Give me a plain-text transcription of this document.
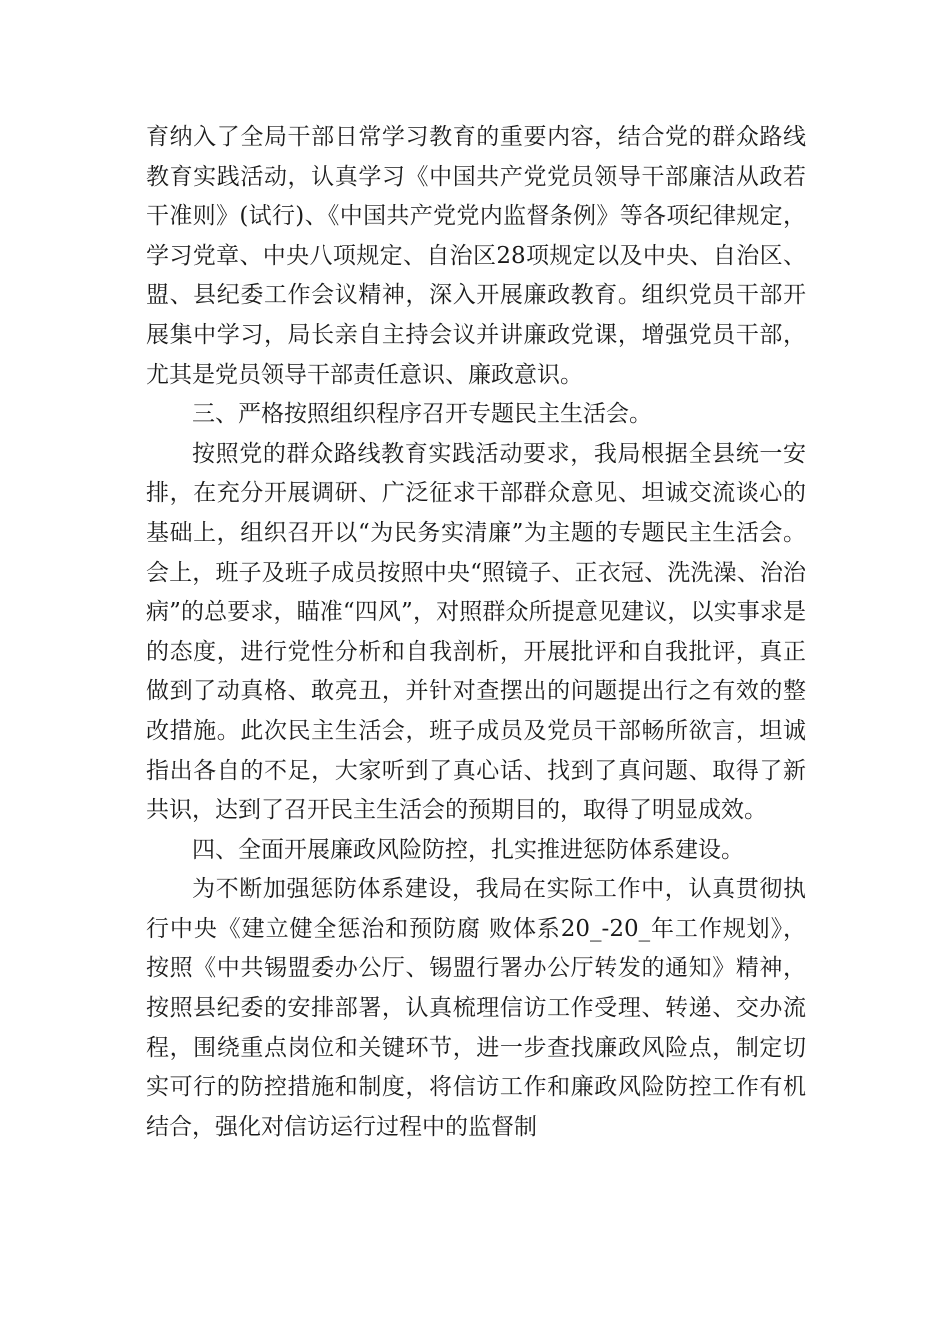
育纳入了全局干部日常学习教育的重要内容，结合党的群众路线教育实践活动，认真学习《中国共产党党员领导干部廉洁从政若干准则》(试行)、《中国共产党党内监督条例》等各项纪律规定，学习党章、中央八项规定、自治区28项规定以及中央、自治区、盟、县纪委工作会议精神，深入开展廉政教育。组织党员干部开展集中学习，局长亲自主持会议并讲廉政党课，增强党员干部，尤其是党员领导干部责任意识、廉政意识。

三、严格按照组织程序召开专题民主生活会。

按照党的群众路线教育实践活动要求，我局根据全县统一安排，在充分开展调研、广泛征求干部群众意见、坦诚交流谈心的基础上，组织召开以“为民务实清廉”为主题的专题民主生活会。会上，班子及班子成员按照中央“照镜子、正衣冠、洗洗澡、治治病”的总要求，瞄准“四风”，对照群众所提意见建议，以实事求是的态度，进行党性分析和自我剖析，开展批评和自我批评，真正做到了动真格、敢亮丑，并针对查摆出的问题提出行之有效的整改措施。此次民主生活会，班子成员及党员干部畅所欲言，坦诚指出各自的不足，大家听到了真心话、找到了真问题、取得了新共识，达到了召开民主生活会的预期目的，取得了明显成效。

四、全面开展廉政风险防控，扎实推进惩防体系建设。

为不断加强惩防体系建设，我局在实际工作中，认真贯彻执行中央《建立健全惩治和预防腐 败体系20_-20_年工作规划》，按照《中共锡盟委办公厅、锡盟行署办公厅转发的通知》精神，按照县纪委的安排部署，认真梳理信访工作受理、转递、交办流程，围绕重点岗位和关键环节，进一步查找廉政风险点，制定切实可行的防控措施和制度，将信访工作和廉政风险防控工作有机结合，强化对信访运行过程中的监督制
